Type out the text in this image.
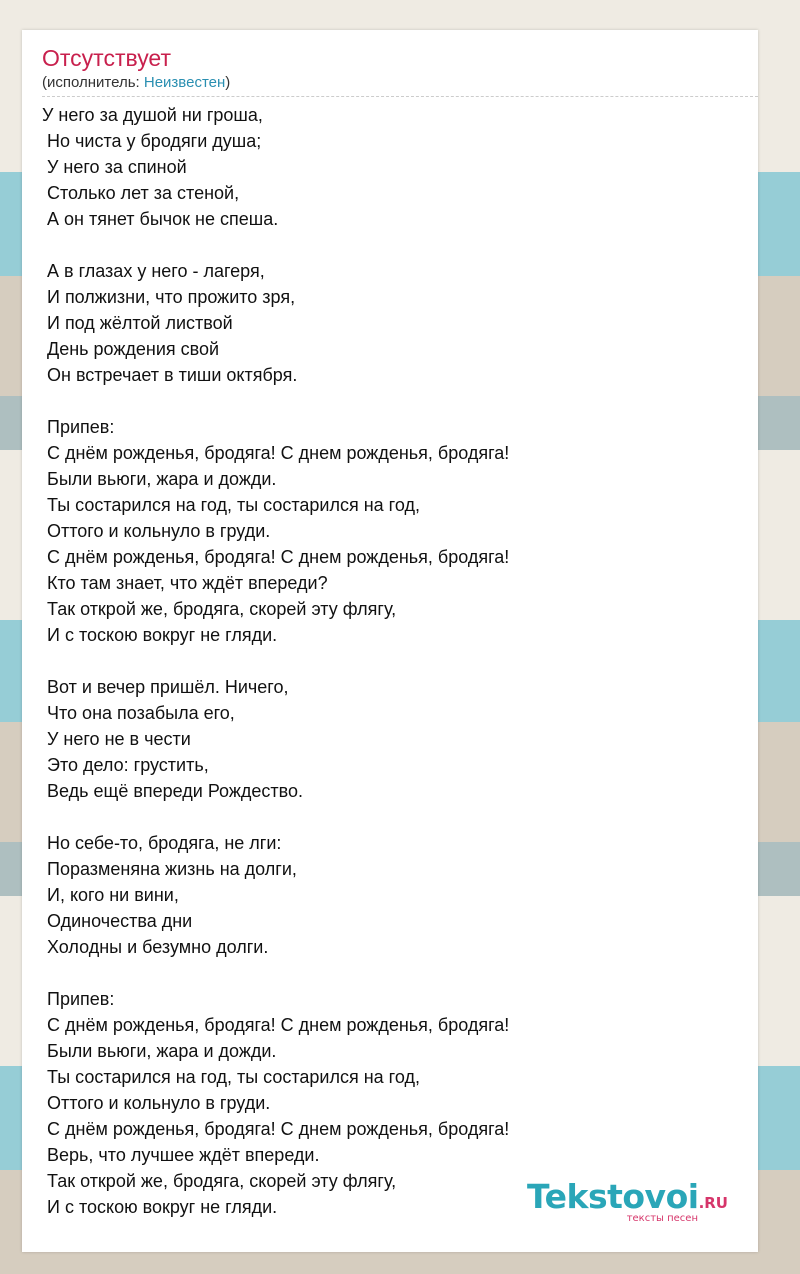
Отсутствует
(исполнитель: Неизвестен)
У него за душой ни гроша,
Но чиста у бродяги душа;
У него за спиной
Столько лет за стеной,
А он тянет бычок не спеша.
А в глазах у него - лагеря,
И полжизни, что прожито зря,
И под жёлтой листвой
День рождения свой
Он встречает в тиши октября.
Припев:
С днём рожденья, бродяга! С днем рожденья, бродяга!
Были вьюги, жара и дожди.
Ты состарился на год, ты состарился на год,
Оттого и кольнуло в груди.
С днём рожденья, бродяга! С днем рожденья, бродяга!
Кто там знает, что ждёт впереди?
Так открой же, бродяга, скорей эту флягу,
И с тоскою вокруг не гляди.
Вот и вечер пришёл. Ничего,
Что она позабыла его,
У него не в чести
Это дело: грустить,
Ведь ещё впереди Рождество.
Но себе-то, бродяга, не лги:
Поразменяна жизнь на долги,
И, кого ни вини,
Одиночества дни
Холодны и безумно долги.
Припев:
С днём рожденья, бродяга! С днем рожденья, бродяга!
Были вьюги, жара и дожди.
Ты состарился на год, ты состарился на год,
Оттого и кольнуло в груди.
С днём рожденья, бродяга! С днем рожденья, бродяга!
Верь, что лучшее ждёт впереди.
Так открой же, бродяга, скорей эту флягу,
И с тоскою вокруг не гляди.	Tekstovoi.RU
тексты песен
